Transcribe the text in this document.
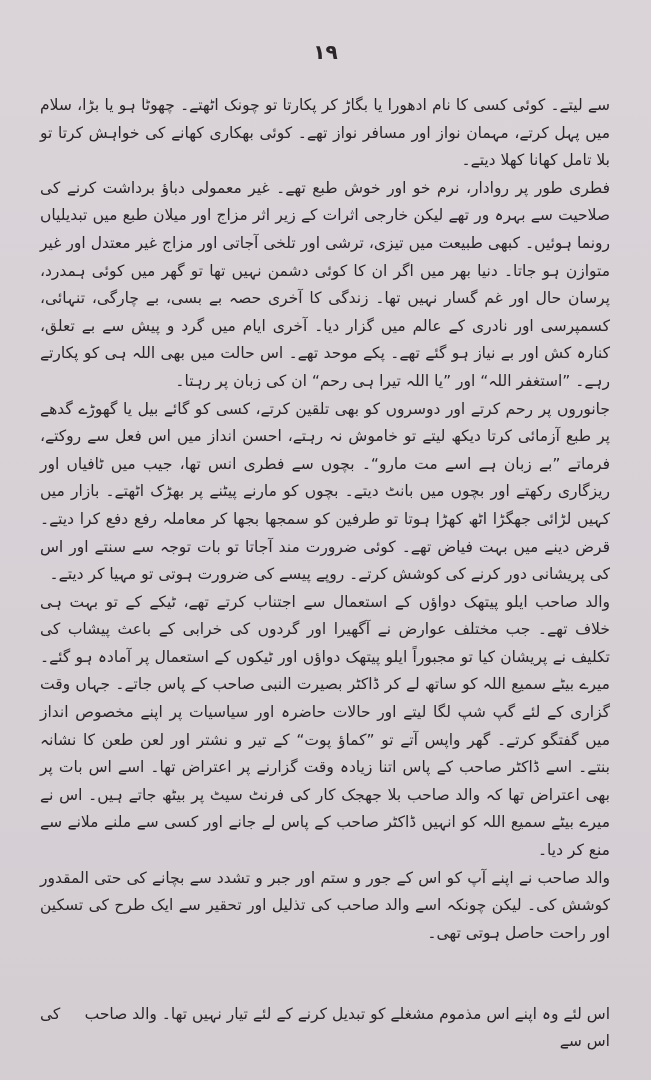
۱۹

سے لیتے۔ کوئی کسی کا نام ادھورا یا بگاڑ کر پکارتا تو چونک اٹھتے۔ چھوٹا ہو یا بڑا، سلام میں پہل کرتے، مہمان نواز اور مسافر نواز تھے۔ کوئی بھکاری کھانے کی خواہش کرتا تو بلا تامل کھانا کھلا دیتے۔

فطری طور پر روادار، نرم خو اور خوش طبع تھے۔ غیر معمولی دباؤ برداشت کرنے کی صلاحیت سے بہرہ ور تھے لیکن خارجی اثرات کے زیر اثر مزاج اور میلان طبع میں تبدیلیاں رونما ہوئیں۔ کبھی طبیعت میں تیزی، ترشی اور تلخی آجاتی اور مزاج غیر معتدل اور غیر متوازن ہو جاتا۔ دنیا بھر میں اگر ان کا کوئی دشمن نہیں تھا تو گھر میں کوئی ہمدرد، پرسان حال اور غم گسار نہیں تھا۔ زندگی کا آخری حصہ بے بسی، بے چارگی، تنہائی، کسمپرسی اور نادری کے عالم میں گزار دیا۔ آخری ایام میں گرد و پیش سے بے تعلق، کنارہ کش اور بے نیاز ہو گئے تھے۔ پکے موحد تھے۔ اس حالت میں بھی اللہ ہی کو پکارتے رہے۔ ”استغفر اللہ“ اور ”یا اللہ تیرا ہی رحم“ ان کی زبان پر رہتا۔

جانوروں پر رحم کرتے اور دوسروں کو بھی تلقین کرتے، کسی کو گائے بیل یا گھوڑے گدھے پر طبع آزمائی کرتا دیکھ لیتے تو خاموش نہ رہتے، احسن انداز میں اس فعل سے روکتے، فرماتے ”بے زبان ہے اسے مت مارو“۔ بچوں سے فطری انس تھا، جیب میں ٹافیاں اور ریزگاری رکھتے اور بچوں میں بانٹ دیتے۔ بچوں کو مارنے پیٹنے پر بھڑک اٹھتے۔ بازار میں کہیں لڑائی جھگڑا اٹھ کھڑا ہوتا تو طرفین کو سمجھا بجھا کر معاملہ رفع دفع کرا دیتے۔ قرض دینے میں بہت فیاض تھے۔ کوئی ضرورت مند آجاتا تو بات توجہ سے سنتے اور اس کی پریشانی دور کرنے کی کوشش کرتے۔ روپے پیسے کی ضرورت ہوتی تو مہیا کر دیتے۔

والد صاحب ایلو پیتھک دواؤں کے استعمال سے اجتناب کرتے تھے، ٹیکے کے تو بہت ہی خلاف تھے۔ جب مختلف عوارض نے آگھیرا اور گردوں کی خرابی کے باعث پیشاب کی تکلیف نے پریشان کیا تو مجبوراً ایلو پیتھک دواؤں اور ٹیکوں کے استعمال پر آمادہ ہو گئے۔ میرے بیٹے سمیع اللہ کو ساتھ لے کر ڈاکٹر بصیرت النبی صاحب کے پاس جاتے۔ جہاں وقت گزاری کے لئے گپ شپ لگا لیتے اور حالات حاضرہ اور سیاسیات پر اپنے مخصوص انداز میں گفتگو کرتے۔ گھر واپس آتے تو ”کماؤ پوت“ کے تیر و نشتر اور لعن طعن کا نشانہ بنتے۔ اسے ڈاکٹر صاحب کے پاس اتنا زیادہ وقت گزارنے پر اعتراض تھا۔ اسے اس بات پر بھی اعتراض تھا کہ والد صاحب بلا جھجک کار کی فرنٹ سیٹ پر بیٹھ جاتے ہیں۔ اس نے میرے بیٹے سمیع اللہ کو انہیں ڈاکٹر صاحب کے پاس لے جانے اور کسی سے ملنے ملانے سے منع کر دیا۔

والد صاحب نے اپنے آپ کو اس کے جور و ستم اور جبر و تشدد سے بچانے کی حتی المقدور کوشش کی۔ لیکن چونکہ اسے والد صاحب کی تذلیل اور تحقیر سے ایک طرح کی تسکین اور راحت حاصل ہوتی تھی۔

اس لئے وہ اپنے اس مذموم مشغلے کو تبدیل کرنے کے لئے تیار نہیں تھا۔ والد صاحب اس سے
کی
